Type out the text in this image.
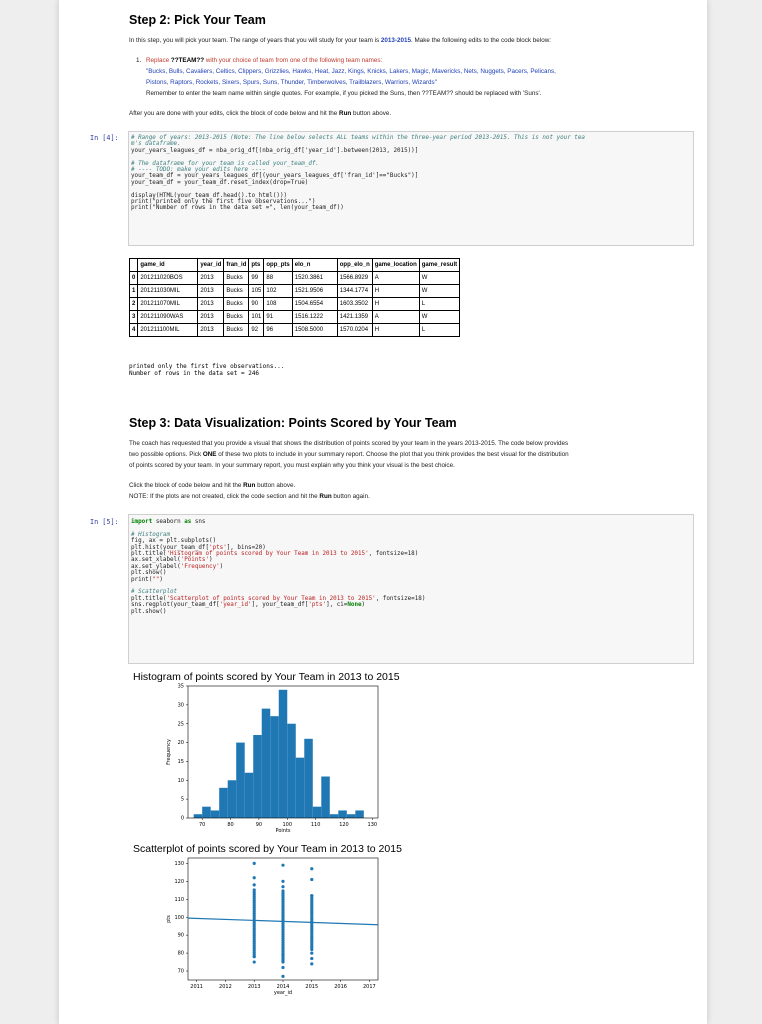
Step 2: Pick Your Team
In this step, you will pick your team. The range of years that you will study for your team is 2013-2015. Make the following edits to the code block below:
1. Replace ??TEAM?? with your choice of team from one of the following team names:
"Bucks, Bulls, Cavaliers, Celtics, Clippers, Grizzlies, Hawks, Heat, Jazz, Kings, Knicks, Lakers, Magic, Mavericks, Nets, Nuggets, Pacers, Pelicans,
Pistons, Raptors, Rockets, Sixers, Spurs, Suns, Thunder, Timberwolves, Trailblazers, Warriors, Wizards"
Remember to enter the team name within single quotes. For example, if you picked the Suns, then ??TEAM?? should be replaced with 'Suns'.
After you are done with your edits, click the block of code below and hit the Run button above.
In [4]: # Range of years: 2013-2015 (Note: The line below selects ALL teams within the three-year period 2013-2015. This is not your tea
m's dataframe.
your_years_leagues_df = nba_orig_df[(nba_orig_df['year_id'].between(2013, 2015))]

# The dataframe for your team is called your_team_df.
# ---- TODO: make your edits here ----
your_team_df = your_years_leagues_df[(your_years_leagues_df['fran_id']=="Bucks")]
your_team_df = your_team_df.reset_index(drop=True)

display(HTML(your_team_df.head().to_html()))
print("printed only the first five observations...")
print("Number of rows in the data set =", len(your_team_df))
	game_id	year_id	fran_id	pts	opp_pts	elo_n	opp_elo_n	game_location	game_result
0	201211020BOS	2013	Bucks	99	88	1520.3861	1566.8929	A	W
1	201211030MIL	2013	Bucks	105	102	1521.9506	1344.1774	H	W
2	201211070MIL	2013	Bucks	90	108	1504.6554	1603.3502	H	L
3	201211090WAS	2013	Bucks	101	91	1516.1222	1421.1359	A	W
4	201211100MIL	2013	Bucks	92	96	1508.5000	1570.0204	H	L
printed only the first five observations...
Number of rows in the data set = 246
Step 3: Data Visualization: Points Scored by Your Team
The coach has requested that you provide a visual that shows the distribution of points scored by your team in the years 2013-2015. The code below provides
two possible options. Pick ONE of these two plots to include in your summary report. Choose the plot that you think provides the best visual for the distribution
of points scored by your team. In your summary report, you must explain why you think your visual is the best choice.
Click the block of code below and hit the Run button above.
NOTE: If the plots are not created, click the code section and hit the Run button again.
In [5]: import seaborn as sns

# Histogram
fig, ax = plt.subplots()
plt.hist(your_team_df['pts'], bins=20)
plt.title('Histogram of points scored by Your Team in 2013 to 2015', fontsize=18)
ax.set_xlabel('Points')
ax.set_ylabel('Frequency')
plt.show()
print("")

# Scatterplot
plt.title('Scatterplot of points scored by Your Team in 2013 to 2015', fontsize=18)
sns.regplot(your_team_df['year_id'], your_team_df['pts'], ci=None)
plt.show()
Histogram of points scored by Your Team in 2013 to 2015
70	80	90	100	110	120	130
0
5
10
15
20
25
30
35
Points
Frequency
Scatterplot of points scored by Your Team in 2013 to 2015
2011	2012	2013	2014	2015	2016	2017
70
80
90
100
110
120
130
year_id
pts
